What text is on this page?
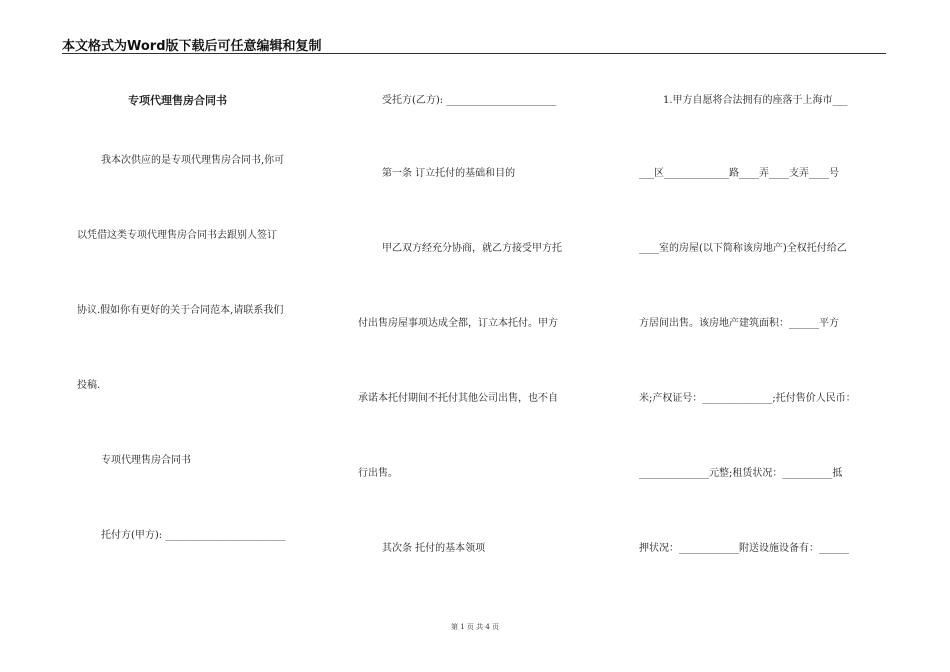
本文格式为Word版下载后可任意编辑和复制
专项代理售房合同书
我本次供应的是专项代理售房合同书,你可
以凭借这类专项代理售房合同书去跟别人签订
协议.假如你有更好的关于合同范本,请联系我们
投稿.
专项代理售房合同书
托付方(甲方): ________________________
受托方(乙方): ______________________
第一条 订立托付的基础和目的
甲乙双方经充分协商，就乙方接受甲方托
付出售房屋事项达成全都，订立本托付。甲方
承诺本托付期间不托付其他公司出售，也不自
行出售。
其次条 托付的基本领项
1.甲方自愿将合法拥有的座落于上海市___
___区_____________路____弄____支弄____号
____室的房屋(以下简称该房地产)全权托付给乙
方居间出售。该房地产建筑面积：______平方
米;产权证号：______________;托付售价人民币：
______________元整;租赁状况：__________抵
押状况：____________附送设施设备有：______
第 1 页 共 4 页
